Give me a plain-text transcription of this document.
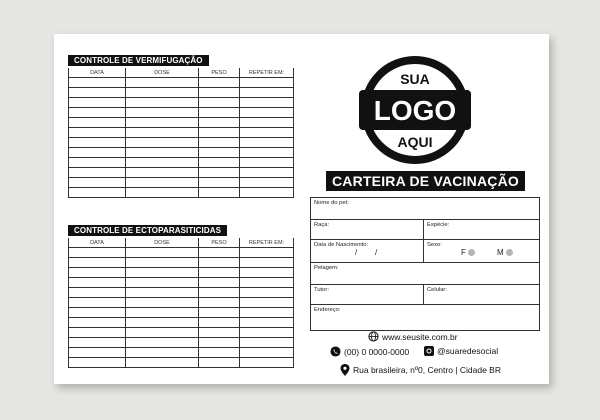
CONTROLE DE VERMIFUGAÇÃO
DATA	DOSE	PESO	REPETIR EM:

CONTROLE DE ECTOPARASITICIDAS
DATA	DOSE	PESO	REPETIR EM:

SUA
LOGO
AQUI
CARTEIRA DE VACINAÇÃO
Nome do pet:
Raça:	Espécie:
Data de Nascimento:
/ /
Sexo:
F	M
Pelagem:
Tutor:	Celular:
Endereço:
www.seusite.com.br
(00) 0 0000-0000	@suaredesocial
Rua brasileira, nº0, Centro | Cidade BR
